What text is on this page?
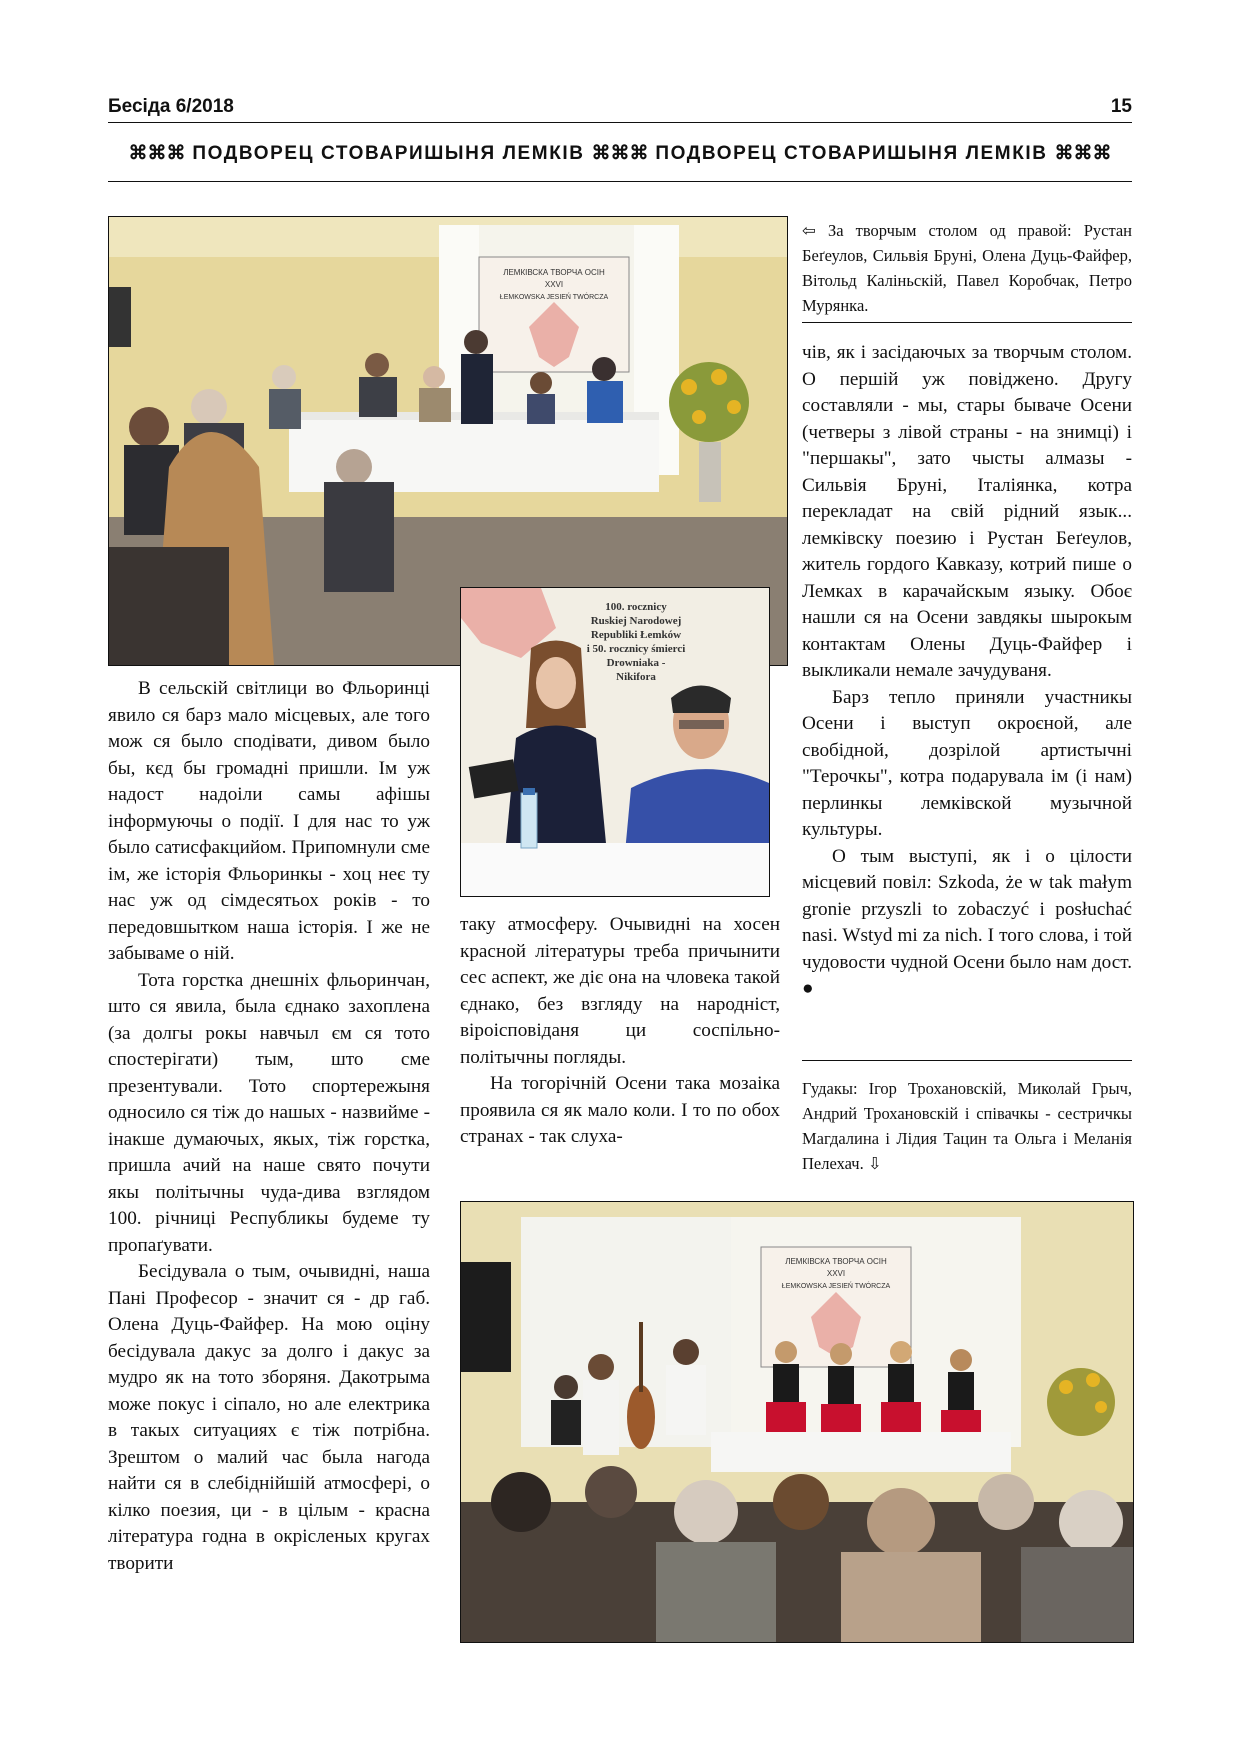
Бесіда 6/2018	15
⌘⌘⌘ ПОДВОРЕЦ СТОВАРИШЫНЯ ЛЕМКІВ ⌘⌘⌘ ПОДВОРЕЦ СТОВАРИШЫНЯ ЛЕМКІВ ⌘⌘⌘
ЛЕМКІВСКА ТВОРЧА ОСІН
XXVI
ŁEMKOWSKA JESIEŃ TWÓRCZA
100. rocznicy
Ruskiej Narodowej
Republiki Łemków
i 50. rocznicy śmierci
Drowniaka -
Nikifora
ЛЕМКІВСКА ТВОРЧА ОСІН
XXVI
ŁEMKOWSKA JESIEŃ TWÓRCZA

⇦ За творчым столом од правой: Рустан Беґеулов, Сильвія Бруні, Олена Дуць-Файфер, Вітольд Каліньскій, Павел Коробчак, Петро Мурянка.

чів, як і засідаючых за творчым столом. О першій уж повіджено. Другу составляли - мы, стары бываче Осени (четверы з лівой страны - на знимці) і "першакы", зато чысты алмазы - Сильвія Бруні, Італіянка, котра перекладат на свій рідний язык... лемківску поезию і Рустан Беґеулов, житель гордого Кавказу, котрий пише о Лемках в карачайскым языку. Обоє нашли ся на Осени завдякы шырокым контактам Олены Дуць-Файфер і выкликали немале зачудуваня.

Барз тепло приняли участникы Осени і выступ окроєной, але свобідной, дозрілой артистычні "Терочкы", котра подарувала ім (і нам) перлинкы лемківской музычной культуры.

О тым выступі, як і о цілости місцевий повіл: Szkoda, że w tak małym gronie przyszli to zobaczyć i posłuchać nasi. Wstyd mi za nich. І того слова, і той чудовости чудной Осени было нам дост. ●

Гудакы: Ігор Трохановскій, Миколай Грыч, Андрий Трохановскій і співачкы - сестричкы Магдалина і Лідия Тацин та Ольга і Меланія Пелехач. ⇩

В сельскій світлици во Фльоринці явило ся барз мало місцевых, але того мож ся было сподівати, дивом было бы, кєд бы громадні пришли. Ім уж надост надоіли самы афішы інформуючы о події. І для нас то уж было сатисфакцийом. Припомнули сме ім, же історія Фльоринкы - хоц неє ту нас уж од сімдесятьох років - то передовшытком наша історія. І же не забываме о ній.

Тота горстка днешніх фльоринчан, што ся явила, была єднако захоплена (за долгы рокы навчыл єм ся тото спостерігати) тым, што сме презентували. Тото спортережыня односило ся тіж до нашых - назвийме - інакше думаючых, якых, тіж горстка, пришла ачий на наше свято почути якы політычны чуда-дива взглядом 100. річниці Республикы будеме ту пропаґувати.

Бесідувала о тым, очывидні, наша Пані Професор - значит ся - др габ. Олена Дуць-Файфер. На мою оціну бесідувала дакус за долго і дакус за мудро як на тото зборяня. Дакотрыма може покус і сіпало, но але електрика в такых ситуациях є тіж потрібна. Зрештом о малий час была нагода найти ся в слебіднійшій атмосфері, о кілко поезия, ци - в цілым - красна література годна в окрісленых кругах творити

таку атмосферу. Очывидні на хосен красной літературы треба причынити сес аспект, же діє она на чловека такой єднако, без взгляду на народніст, віроісповіданя ци соспільно-політычны погляды.

На тогорічній Осени така мозаіка проявила ся як мало коли. І то по обох странах - так слуха-
